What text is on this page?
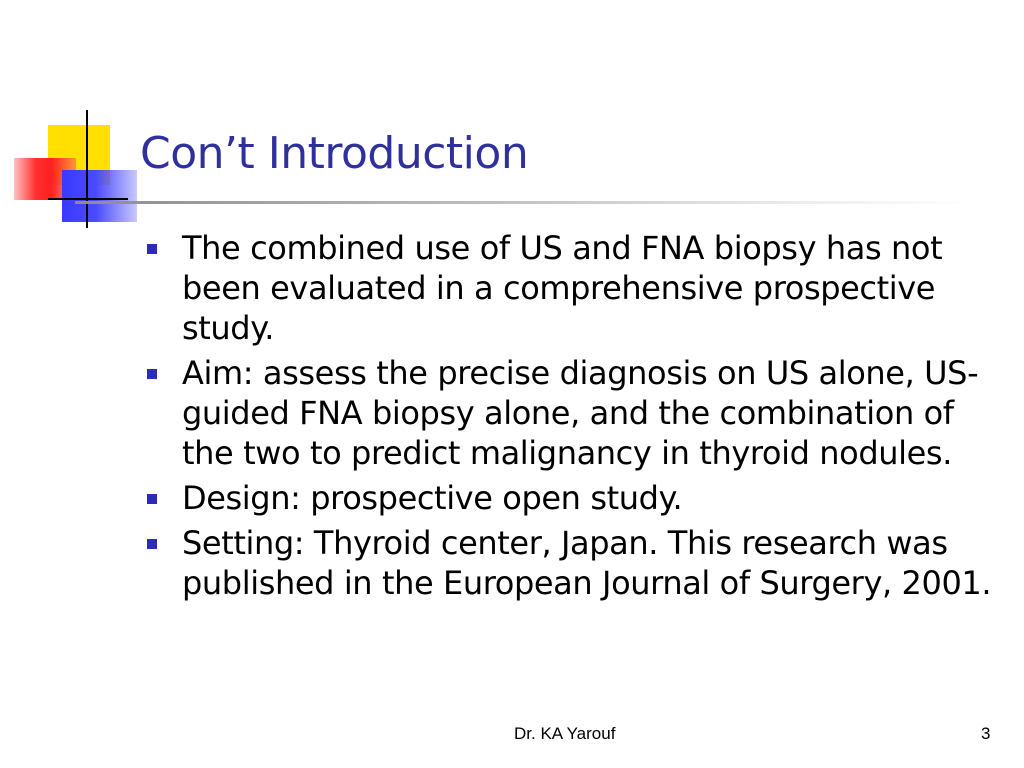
Con’t Introduction
The combined use of US and FNA biopsy has not been evaluated in a comprehensive prospective study.
Aim: assess the precise diagnosis on US alone, US-guided FNA biopsy alone, and the combination of the two to predict malignancy in thyroid nodules.
Design: prospective open study.
Setting: Thyroid center, Japan. This research was published in the European Journal of Surgery, 2001.
Dr. KA Yarouf	3
